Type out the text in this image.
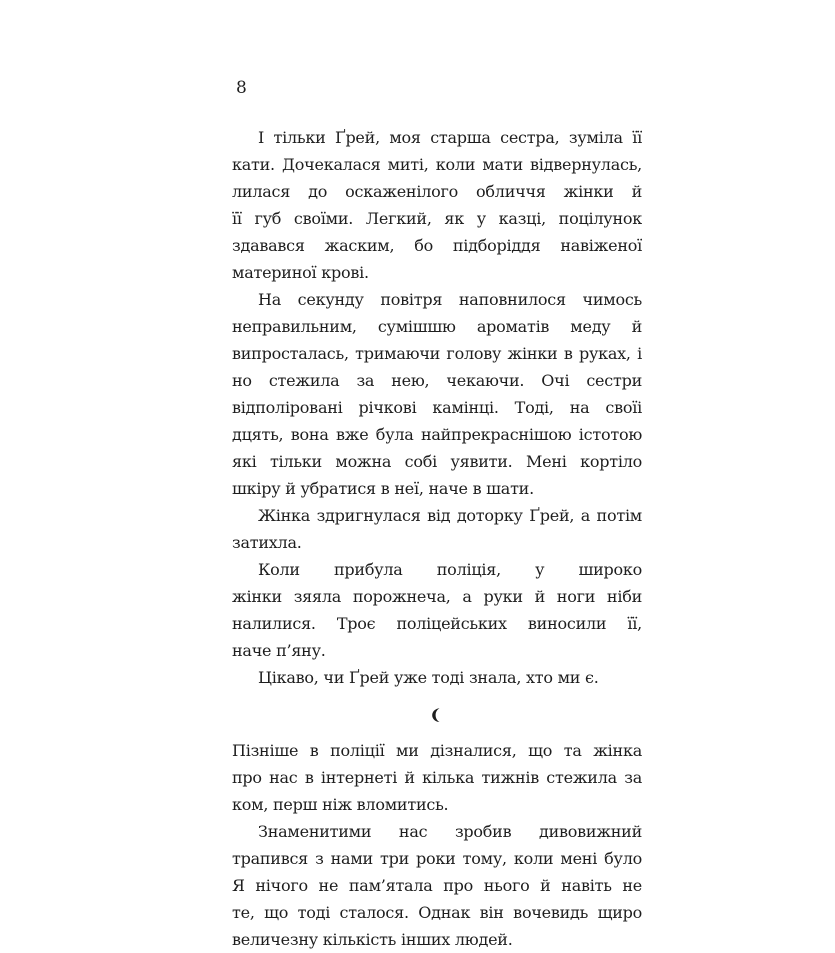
8
І тільки Ґрей, моя старша сестра, зуміла її
кати. Дочекалася миті, коли мати відвернулась,
лилася до оскаженілого обличчя жінки й
її губ своїми. Легкий, як у казці, поцілунок
здавався жаским, бо підборіддя навіженої
материної крові.
На секунду повітря наповнилося чимось
неправильним, сумішшю ароматів меду й
випросталась, тримаючи голову жінки в руках, і
но стежила за нею, чекаючи. Очі сестри
відполіровані річкові камінці. Тоді, на своїі
дцять, вона вже була найпрекраснішою істотою
які тільки можна собі уявити. Мені кортіло
шкіру й убратися в неї, наче в шати.
Жінка здригнулася від доторку Ґрей, а потім
затихла.
Коли прибула поліція, у широко
жінки зяяла порожнеча, а руки й ноги ніби
налилися. Троє поліцейських виносили її,
наче п’яну.
Цікаво, чи Ґрей уже тоді знала, хто ми є.
Пізніше в поліції ми дізналися, що та жінка
про нас в інтернеті й кілька тижнів стежила за
ком, перш ніж вломитись.
Знаменитими нас зробив дивовижний
трапився з нами три роки тому, коли мені було
Я нічого не пам’ятала про нього й навіть не
те, що тоді сталося. Однак він вочевидь щиро
величезну кількість інших людей.
